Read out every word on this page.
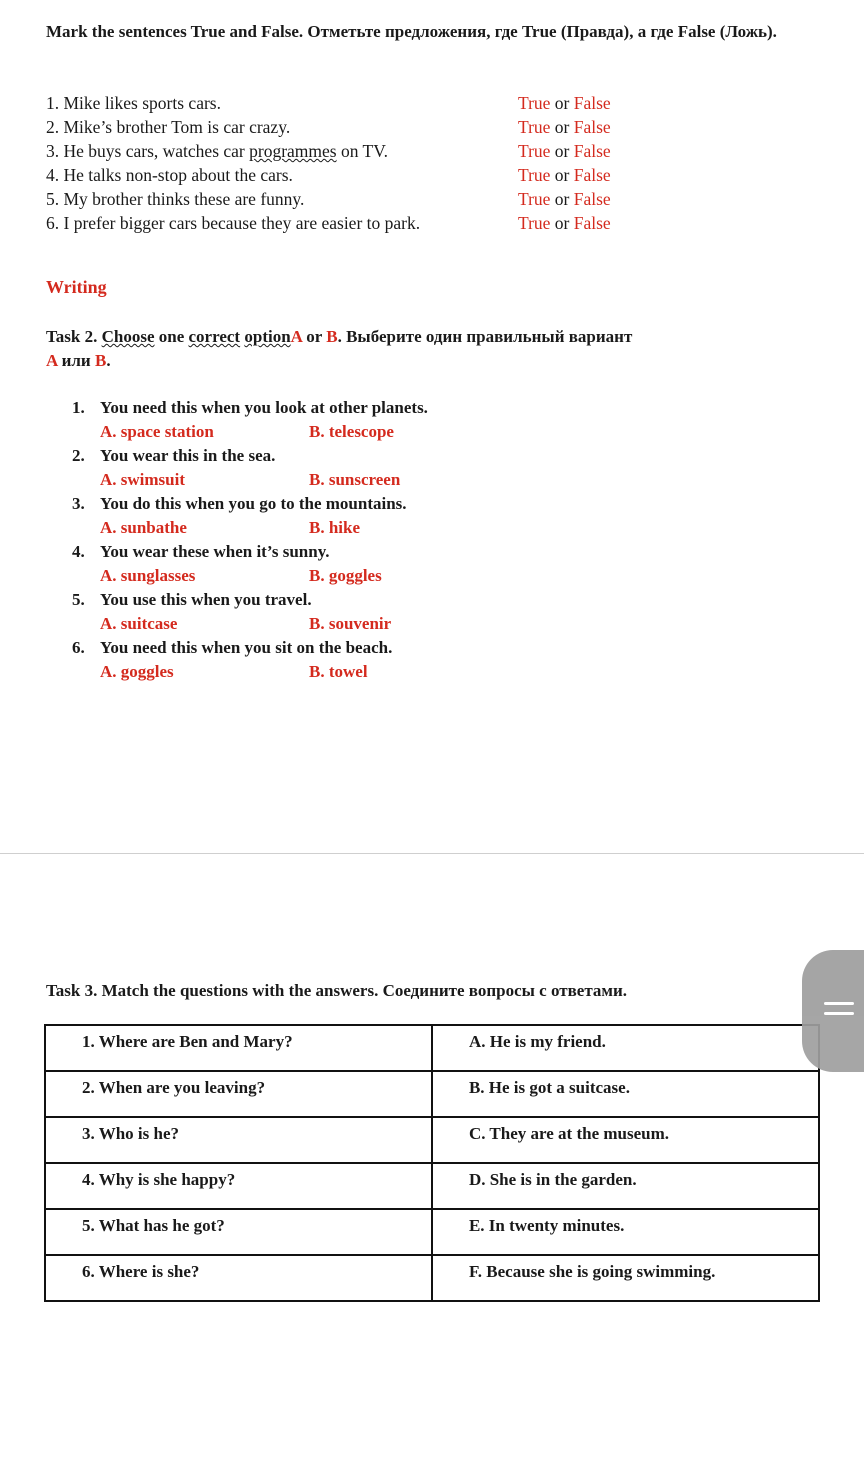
Mark the sentences True and False. Отметьте предложения, где True (Правда), а где False (Ложь).
1. Mike likes sports cars.	True or False
2. Mike’s brother Tom is car crazy.	True or False
3. He buys cars, watches car programmes on TV.	True or False
4. He talks non-stop about the cars.	True or False
5. My brother thinks these are funny.	True or False
6. I prefer bigger cars because they are easier to park.	True or False
Writing
Task 2. Choose one correct optionA or B. Выберите один правильный вариант
A или B.
1. You need this when you look at other planets.
A. space station	B. telescope
2. You wear this in the sea.
A. swimsuit	B. sunscreen
3. You do this when you go to the mountains.
A. sunbathe	B. hike
4. You wear these when it’s sunny.
A. sunglasses	B. goggles
5. You use this when you travel.
A. suitcase	B. souvenir
6. You need this when you sit on the beach.
A. goggles	B. towel
Task 3. Match the questions with the answers. Соедините вопросы с ответами.
1. Where are Ben and Mary?	A. He is my friend.
2. When are you leaving?	B. He is got a suitcase.
3. Who is he?	C. They are at the museum.
4. Why is she happy?	D. She is in the garden.
5. What has he got?	E. In twenty minutes.
6. Where is she?	F. Because she is going swimming.
